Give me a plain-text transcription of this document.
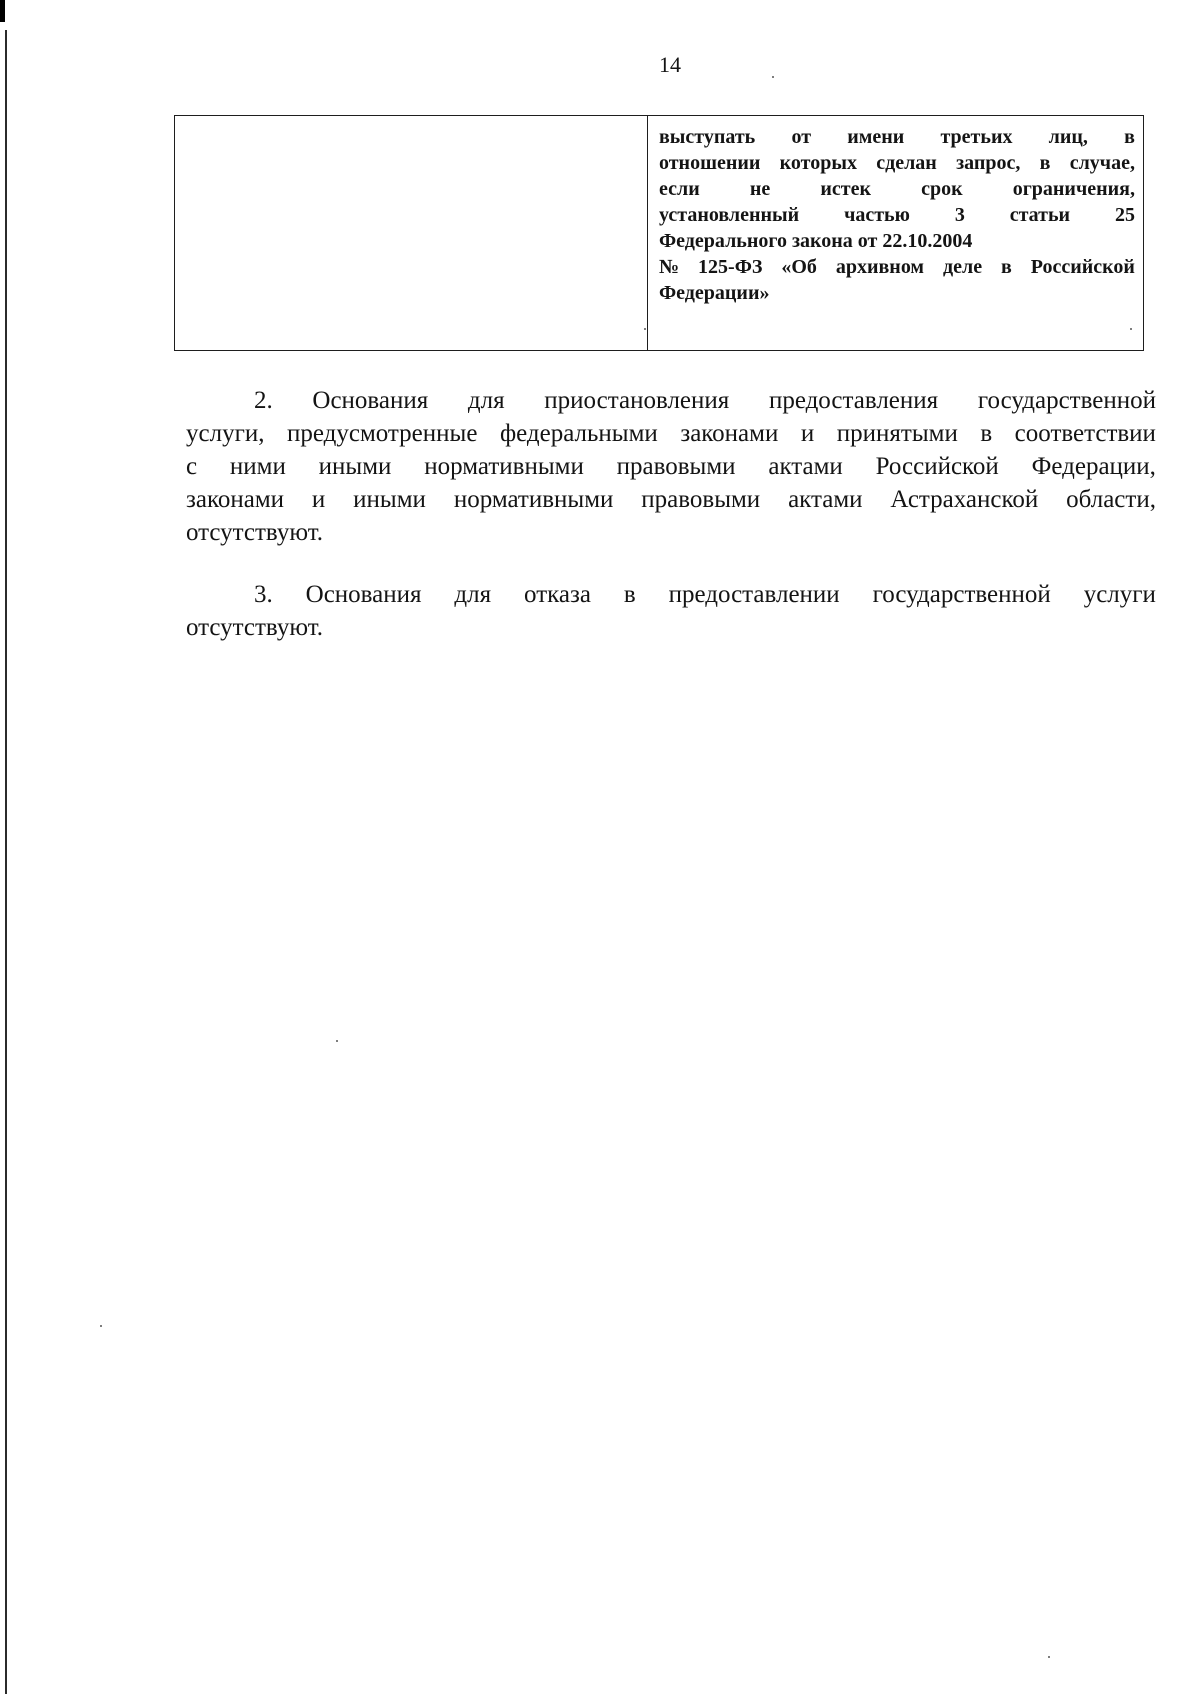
14

выступать от имени третьих лиц, в
отношении которых сделан запрос, в случае,
если	не	истек	срок	ограничения,
установленный частью 3 статьи 25
Федерального закона от 22.10.2004
№ 125-ФЗ «Об архивном деле в Российской
Федерации»
2. Основания для приостановления предоставления государственной
услуги, предусмотренные федеральными законами и принятыми в соответствии
с ними иными нормативными правовыми актами Российской Федерации,
законами и иными нормативными правовыми актами Астраханской области,
отсутствуют.
3. Основания для отказа в предоставлении государственной услуги
отсутствуют.
